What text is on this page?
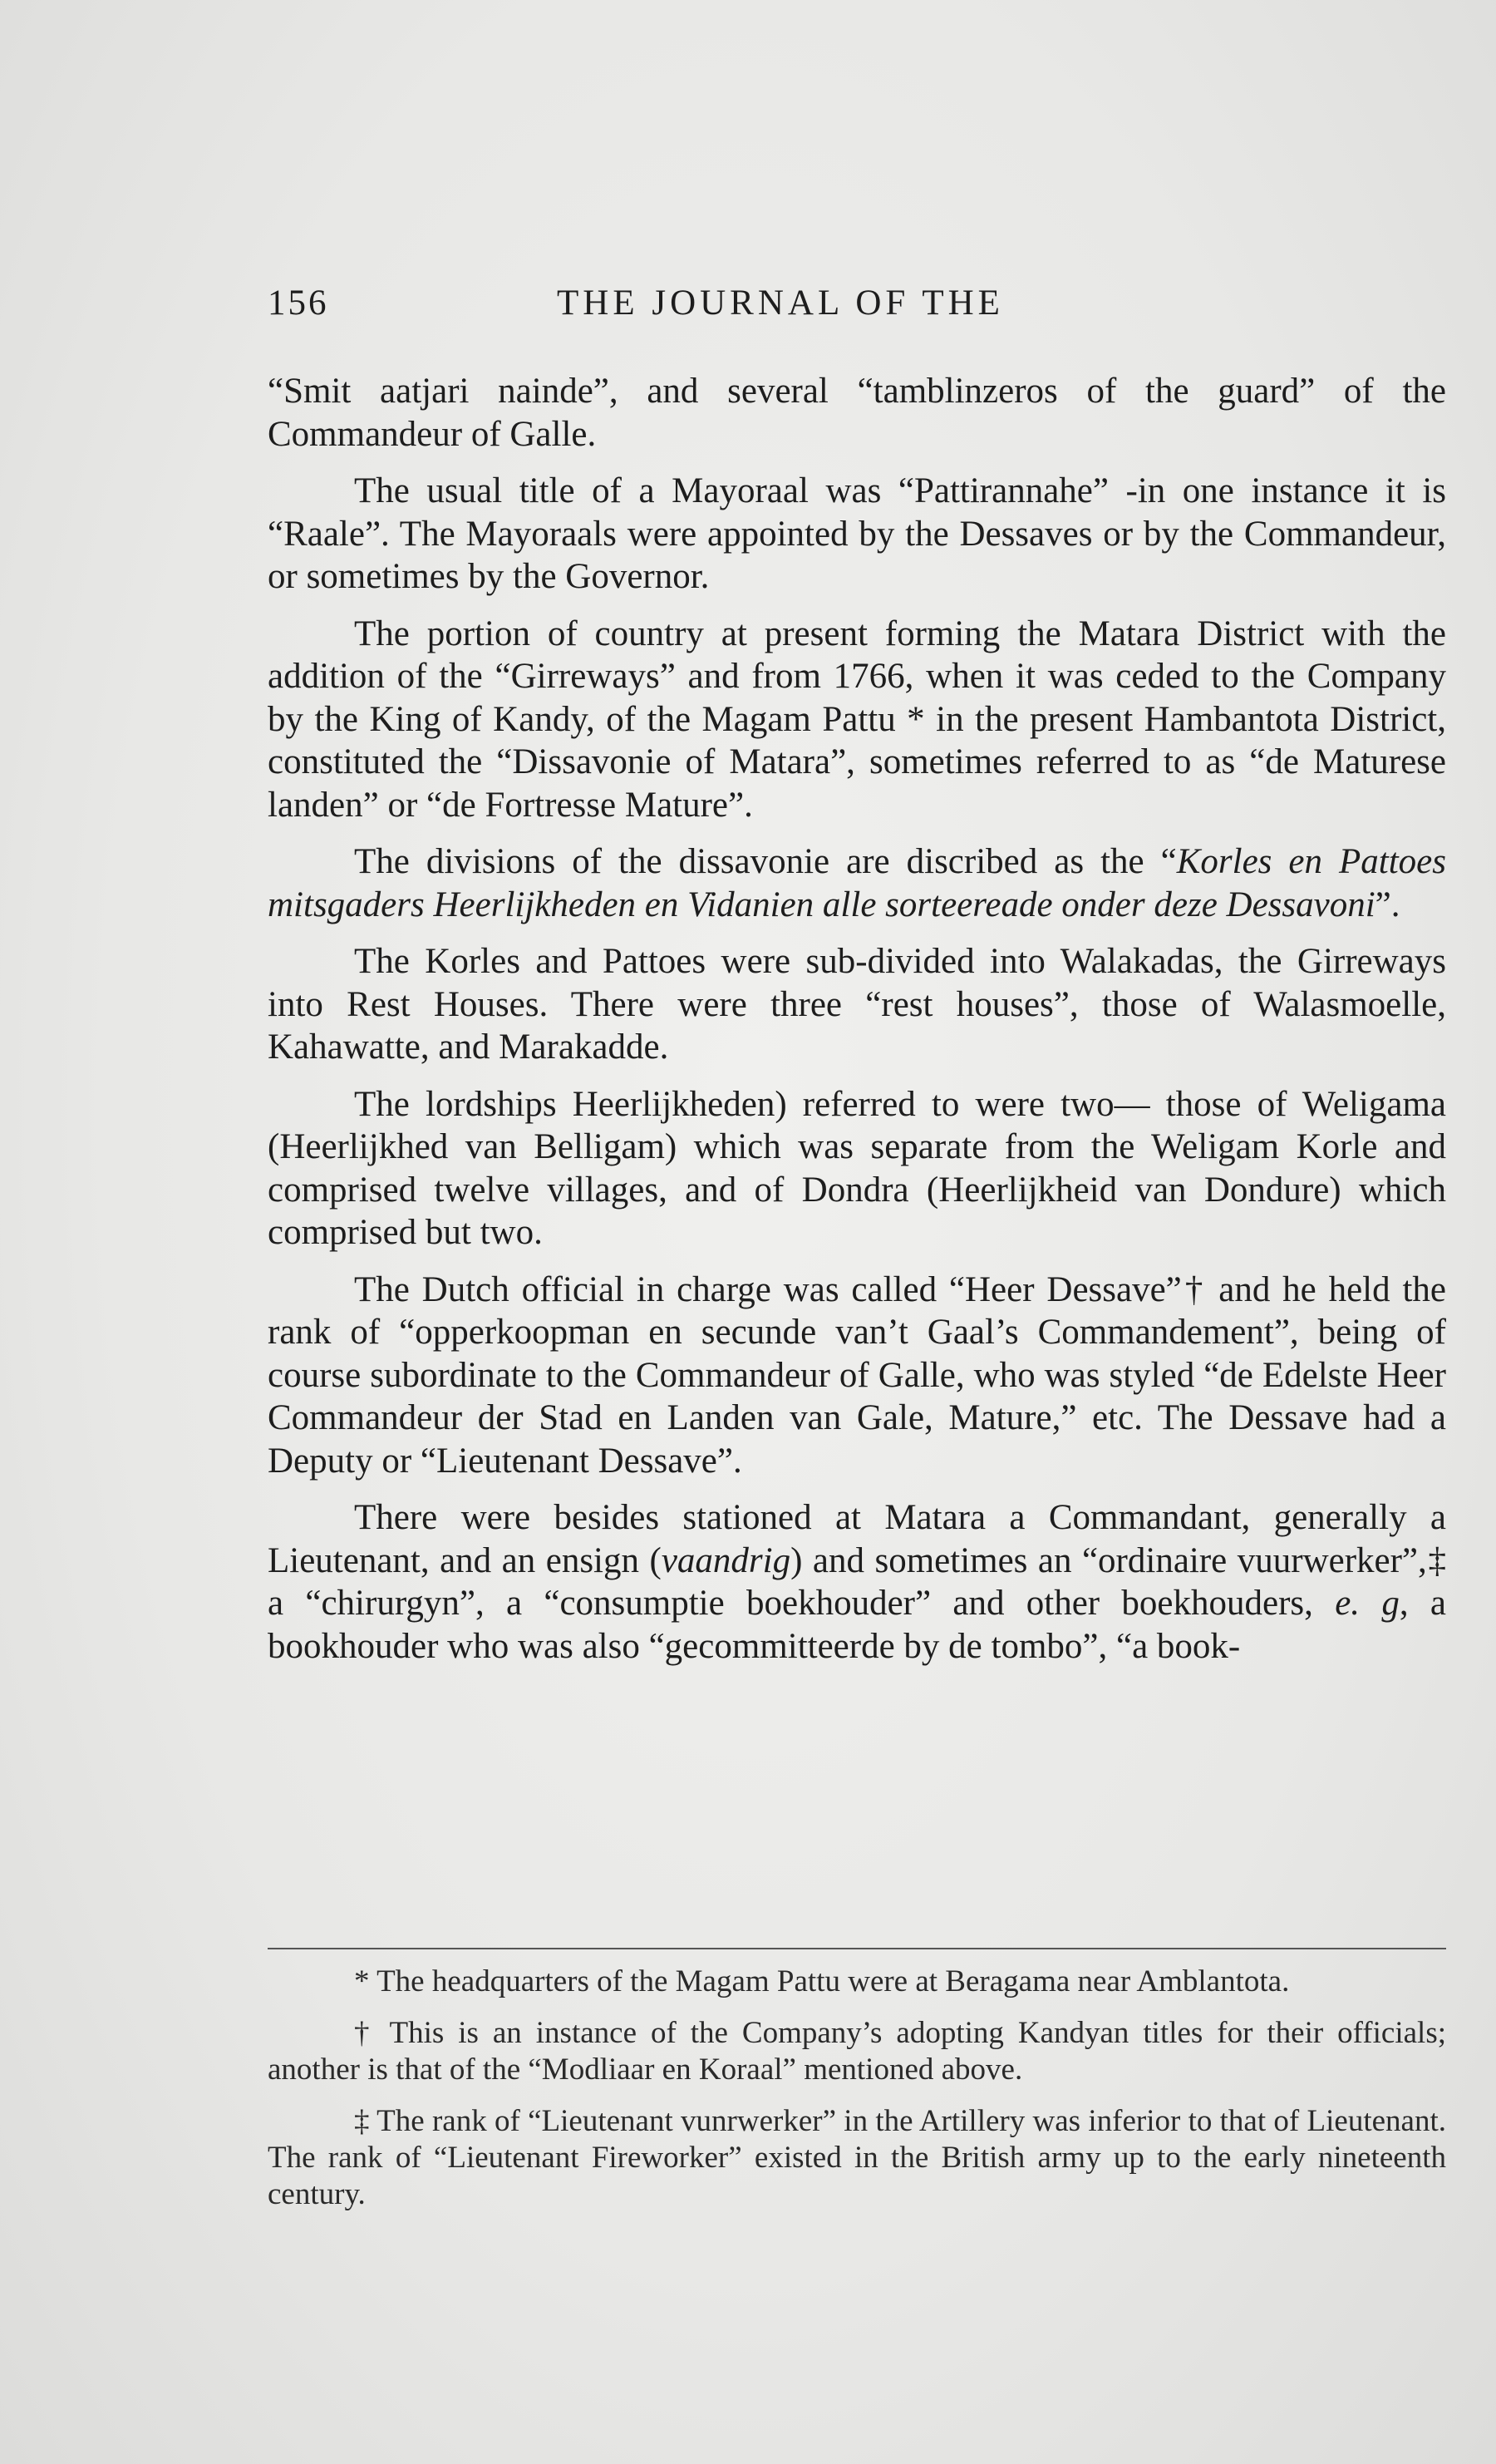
156	THE JOURNAL OF THE

“Smit aatjari nainde”, and several “tamblinzeros of the guard” of the Commandeur of Galle.

The usual title of a Mayoraal was “Pattirannahe” -in one instance it is “Raale”. The Mayoraals were appointed by the Dessaves or by the Commandeur, or sometimes by the Governor.

The portion of country at present forming the Matara District with the addition of the “Girreways” and from 1766, when it was ceded to the Company by the King of Kandy, of the Magam Pattu * in the present Hambantota District, constituted the “Dissavonie of Matara”, sometimes referred to as “de Maturese landen” or “de Fortresse Mature”.

The divisions of the dissavonie are discribed as the “Korles en Pattoes mitsgaders Heerlijkheden en Vidanien alle sorteereade onder deze Dessavoni”.

The Korles and Pattoes were sub-divided into Walakadas, the Girreways into Rest Houses. There were three “rest houses”, those of Walasmoelle, Kahawatte, and Marakadde.

The lordships Heerlijkheden) referred to were two— those of Weligama (Heerlijkhed van Belligam) which was separate from the Weligam Korle and comprised twelve villages, and of Dondra (Heerlijkheid van Dondure) which comprised but two.

The Dutch official in charge was called “Heer Dessave”† and he held the rank of “opperkoopman en secunde van’t Gaal’s Commandement”, being of course subordinate to the Commandeur of Galle, who was styled “de Edelste Heer Commandeur der Stad en Landen van Gale, Mature,” etc. The Dessave had a Deputy or “Lieutenant Dessave”.

There were besides stationed at Matara a Commandant, generally a Lieutenant, and an ensign (vaandrig) and sometimes an “ordinaire vuurwerker”,‡ a “chirurgyn”, a “consumptie boekhouder” and other boekhouders, e. g, a bookhouder who was also “gecommitteerde by de tombo”, “a book-

* The headquarters of the Magam Pattu were at Beragama near Amblantota.

† This is an instance of the Company’s adopting Kandyan titles for their officials; another is that of the “Modliaar en Koraal” mentioned above.

‡ The rank of “Lieutenant vunrwerker” in the Artillery was inferior to that of Lieutenant. The rank of “Lieutenant Fireworker” existed in the British army up to the early nineteenth century.
